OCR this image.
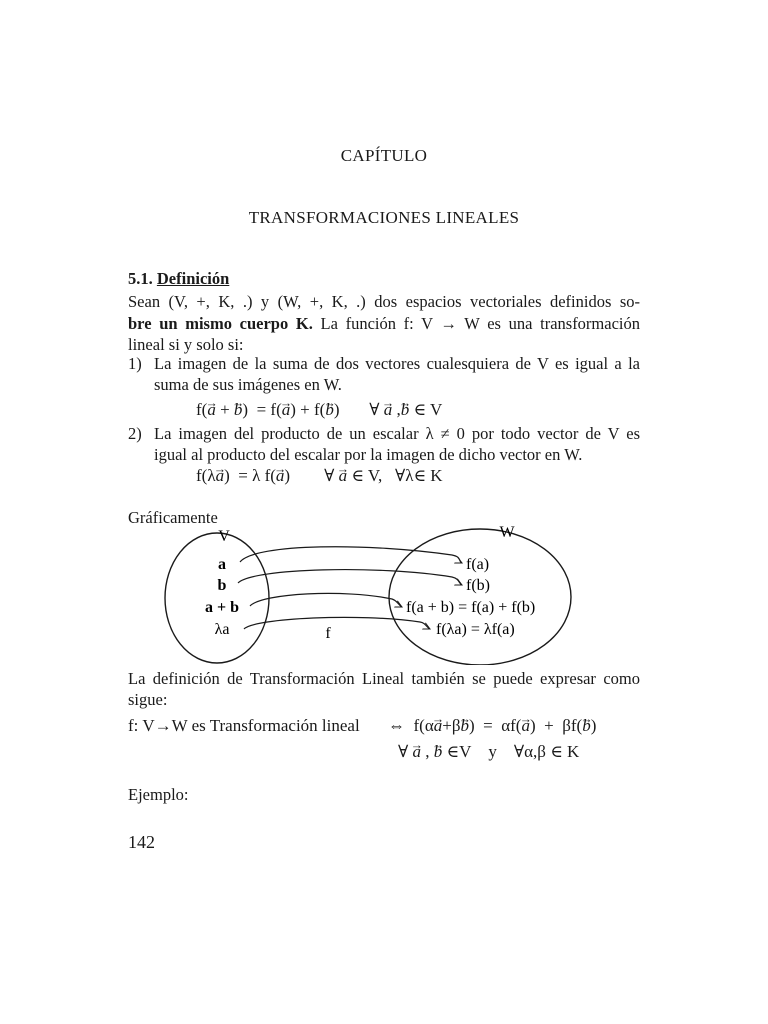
CAPÍTULO
TRANSFORMACIONES LINEALES
5.1. Definición
Sean (V, +, K, .) y (W, +, K, .) dos espacios vectoriales definidos so-
bre un mismo cuerpo K. La función f: V → W es una transformación
lineal si y solo si:
1) La imagen de la suma de dos vectores cualesquiera de V es igual a la
suma de sus imágenes en W.
f(→ a + → b)  = f(→ a) + f(→ b)       ∀ → a ,→ b ∈ V
2) La imagen del producto de un escalar λ ≠ 0 por todo vector de V es
igual al producto del escalar por la imagen de dicho vector en W.
f(λ→ a)  = λ f(→ a)        ∀ → a ∈ V,   ∀λ∈ K
Gráficamente
V	W
a
b
a + b
λa
f(a)
f(b)
f(a + b) = f(a) + f(b)
f(λa) = λf(a)
f
La definición de Transformación Lineal también se puede expresar como
sigue:
f: V→W es Transformación lineal ⇔  f(α→ a+β→ b)  =  αf(→ a)  +  βf(→ b)
∀ → a , → b ∈V    y    ∀α,β ∈ K
Ejemplo:
142
